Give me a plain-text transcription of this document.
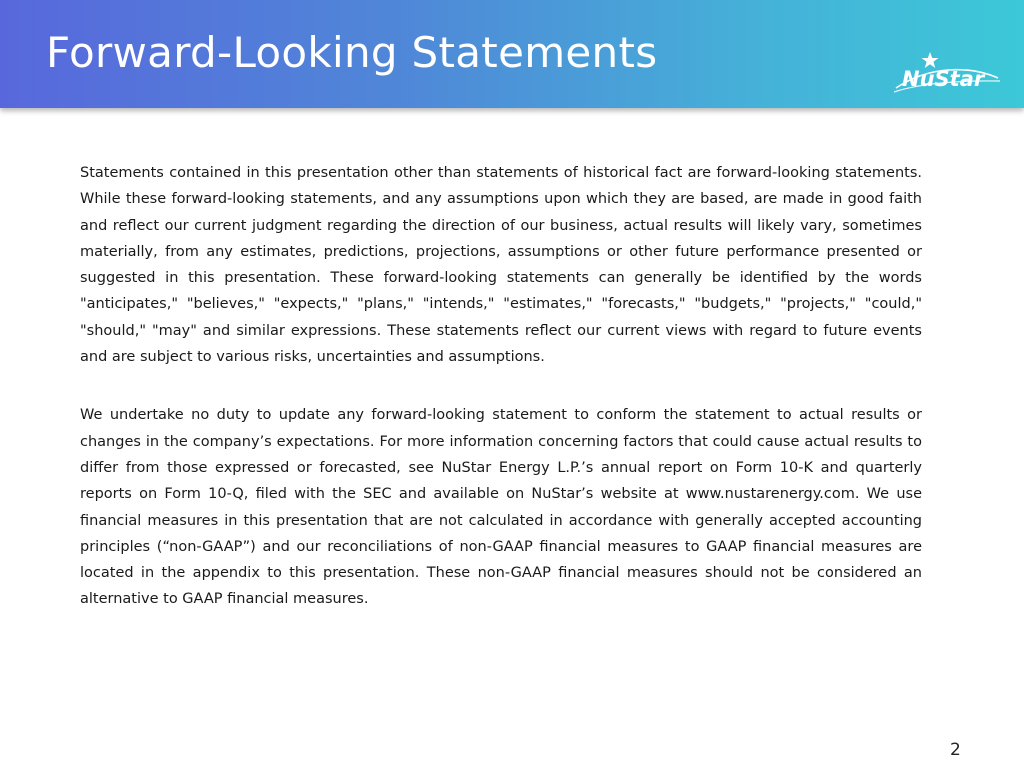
Forward-Looking Statements
NuStar

Statements contained in this presentation other than statements of historical fact are forward-looking statements. While these forward-looking statements, and any assumptions upon which they are based, are made in good faith and reflect our current judgment regarding the direction of our business, actual results will likely vary, sometimes materially, from any estimates, predictions, projections, assumptions or other future performance presented or suggested in this presentation. These forward-looking statements can generally be identified by the words "anticipates," "believes," "expects," "plans," "intends," "estimates," "forecasts," "budgets," "projects," "could," "should," "may" and similar expressions. These statements reflect our current views with regard to future events and are subject to various risks, uncertainties and assumptions.

We undertake no duty to update any forward-looking statement to conform the statement to actual results or changes in the company’s expectations. For more information concerning factors that could cause actual results to differ from those expressed or forecasted, see NuStar Energy L.P.’s annual report on Form 10-K and quarterly reports on Form 10-Q, filed with the SEC and available on NuStar’s website at www.nustarenergy.com. We use financial measures in this presentation that are not calculated in accordance with generally accepted accounting principles (“non-GAAP”) and our reconciliations of non-GAAP financial measures to GAAP financial measures are located in the appendix to this presentation. These non-GAAP financial measures should not be considered an alternative to GAAP financial measures.

2
